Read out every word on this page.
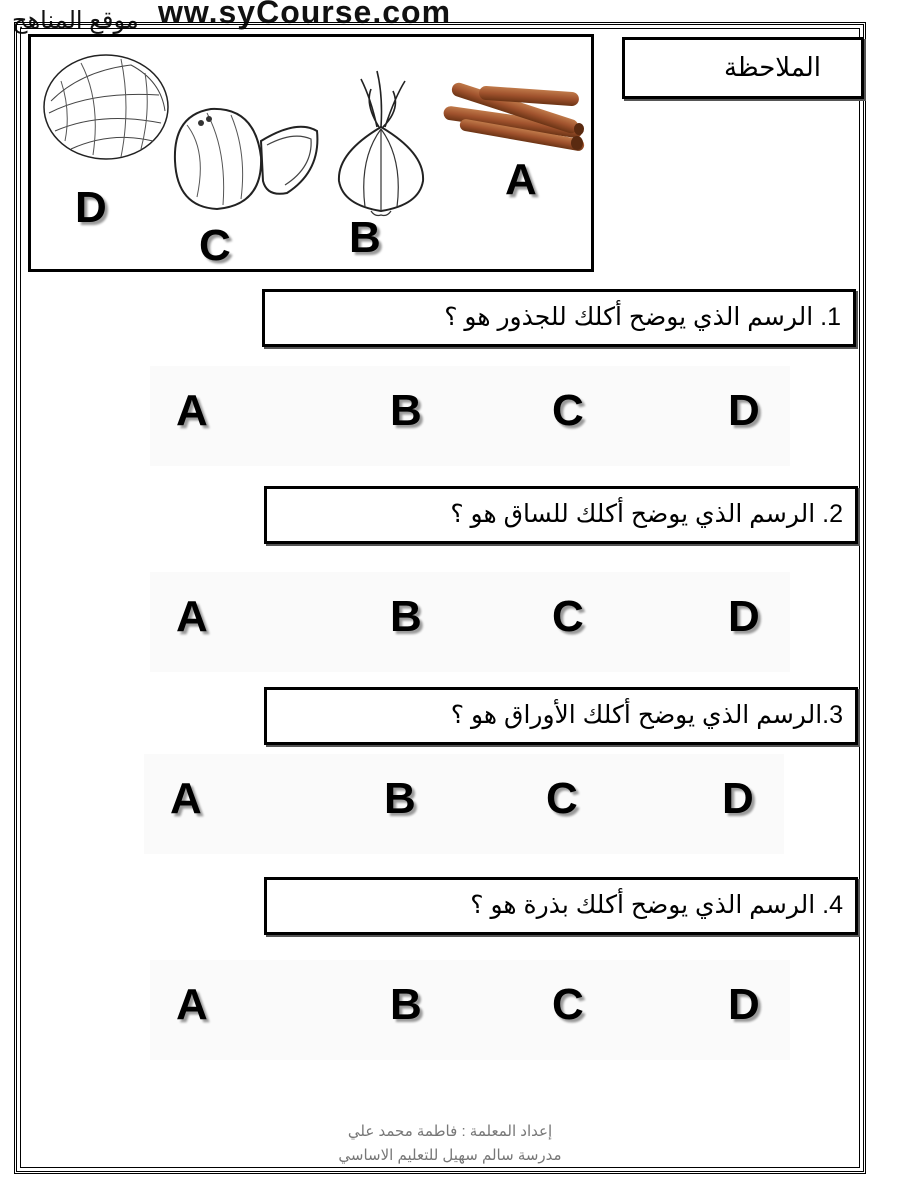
موقع المناهج ww.syCourse.com
D
C	B
A
الملاحظة
1. الرسم الذي يوضح أكلك للجذور هو ؟
A	B	C	D
2. الرسم الذي يوضح أكلك للساق هو ؟
A	B	C	D
3.الرسم الذي يوضح أكلك الأوراق هو ؟
A	B	C	D
4. الرسم الذي يوضح أكلك بذرة هو ؟
A	B	C	D
إعداد المعلمة : فاطمة محمد علي
مدرسة سالم سهيل للتعليم الاساسي
